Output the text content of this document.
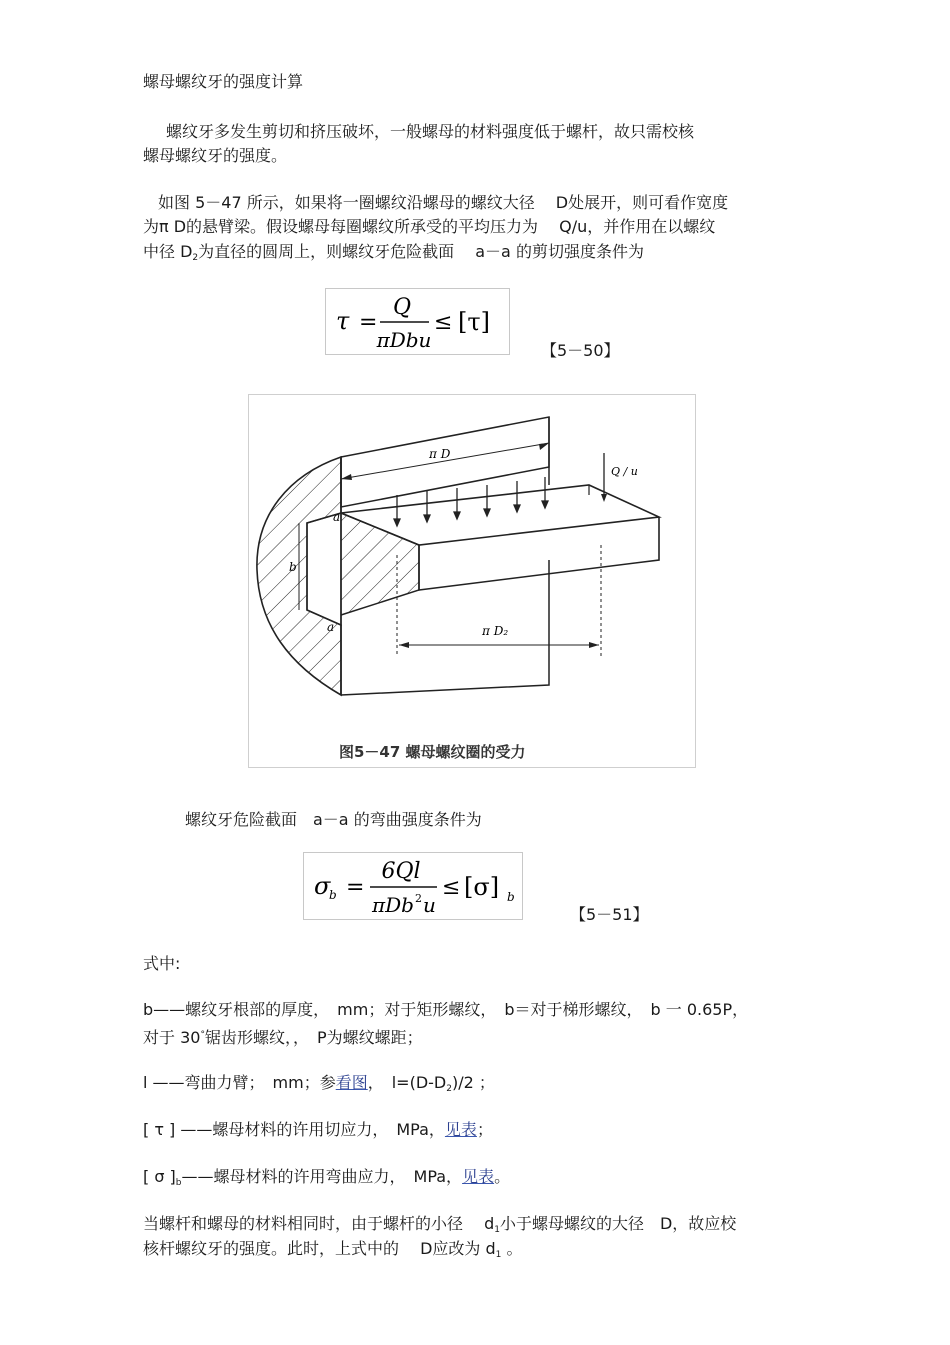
螺母螺纹牙的强度计算
螺纹牙多发生剪切和挤压破坏，一般螺母的材料强度低于螺杆，故只需校核
螺母螺纹牙的强度。
如图 5－47 所示，如果将一圈螺纹沿螺母的螺纹大径　 D处展开，则可看作宽度
为π D的悬臂梁。假设螺母每圈螺纹所承受的平均压力为　 Q/u，并作用在以螺纹
中径 $D_2$为直径的圆周上，则螺纹牙危险截面　 a－a 的剪切强度条件为
τ =
Q
πDbu
≤ [τ]
【5－50】
π D
Q / u
b
a
a	π D₂
图5－47 螺母螺纹圈的受力
螺纹牙危险截面　a－a 的弯曲强度条件为
σ
b =
6Ql
πDb 2 u
≤ [σ] b
【5－51】
式中:
b——螺纹牙根部的厚度，　mm；对于矩形螺纹，　b＝对于梯形螺纹，　b 一 0.65P，
对于 30°锯齿形螺纹，，　P为螺纹螺距；
l ——弯曲力臂；　mm；参看图，　$l=(D-D_2)/2$ ；
[ τ ] ——螺母材料的许用切应力，　MPa，见表；
[ σ ]$_b——$螺母材料的许用弯曲应力，　MPa，见表。
当螺杆和螺母的材料相同时，由于螺杆的小径　 $d_1$小于螺母螺纹的大径　D，故应校
核杆螺纹牙的强度。此时，上式中的　 D应改为 $d_1$ 。
